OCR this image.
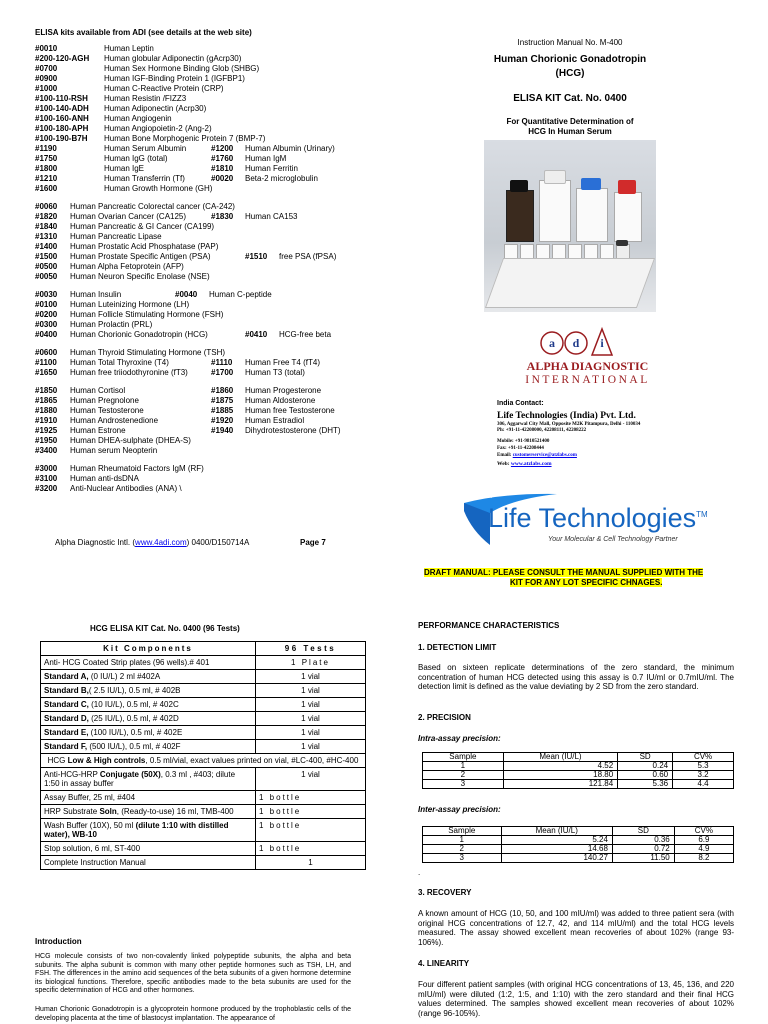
ELISA kits available from ADI (see details at the web site)
#0010	Human Leptin
#200-120-AGH Human globular Adiponectin (gAcrp30)
#0700	Human Sex Hormone Binding Glob (SHBG)
#0900	Human IGF-Binding Protein 1 (IGFBP1)
#1000	Human C-Reactive Protein (CRP)
#100-110-RSH Human Resistin /FIZZ3
#100-140-ADH Human Adiponectin (Acrp30)
#100-160-ANH Human Angiogenin
#100-180-APH Human Angiopoietin-2 (Ang-2)
#100-190-B7H Human Bone Morphogenic Protein 7 (BMP-7)
#1190	Human Serum Albumin	#1200 Human Albumin (Urinary)
#1750	Human IgG (total)	#1760 Human IgM
#1800	Human IgE	#1810 Human Ferritin
#1210	Human Transferrin (Tf)	#0020 Beta-2 microglobulin
#1600	Human Growth Hormone (GH)
#0060 Human Pancreatic Colorectal cancer (CA-242)
#1820 Human Ovarian Cancer (CA125)	#1830 Human CA153
#1840 Human Pancreatic & GI Cancer (CA199)
#1310 Human Pancreatic Lipase
#1400 Human Prostatic Acid Phosphatase (PAP)
#1500 Human Prostate Specific Antigen (PSA)	#1510 free PSA (fPSA)
#0500 Human Alpha Fetoprotein (AFP)
#0050 Human Neuron Specific Enolase (NSE)
#0030 Human Insulin	#0040 Human C-peptide
#0100 Human Luteinizing Hormone (LH)
#0200 Human Follicle Stimulating Hormone (FSH)
#0300 Human Prolactin (PRL)
#0400 Human Chorionic Gonadotropin (HCG)	#0410 HCG-free beta
#0600 Human Thyroid Stimulating Hormone (TSH)
#1100 Human Total Thyroxine (T4)	#1110 Human Free T4 (fT4)
#1650 Human free triiodothyronine (fT3)	#1700 Human T3 (total)
#1850 Human Cortisol	#1860 Human Progesterone
#1865 Human Pregnolone	#1875 Human Aldosterone
#1880 Human Testosterone	#1885 Human free Testosterone
#1910 Human Androstenedione	#1920 Human Estradiol
#1925 Human Estrone	#1940 Dihydrotestosterone (DHT)
#1950 Human DHEA-sulphate (DHEA-S)
#3400 Human serum Neopterin
#3000 Human Rheumatoid Factors IgM (RF)
#3100 Human anti-dsDNA
#3200 Anti-Nuclear Antibodies (ANA) \
Alpha Diagnostic Intl. (www.4adi.com) 0400/D150714A	Page 7
Instruction Manual No. M-400
Human Chorionic Gonadotropin
(HCG)
ELISA KIT Cat. No. 0400
For Quantitative Determination of
HCG In Human Serum
a d i
ALPHA DIAGNOSTIC
INTERNATIONAL
India Contact:
Life Technologies (India) Pvt. Ltd.
306, Aggarwal City Mall, Opposite M2K Pitampura, Delhi - 110034
Ph: +91-11-42208000, 42208111, 42208222
Mobile: +91-9810521400
Fax: +91-11-42208444
Email: customerservice@atzlabs.com
Web: www.atzlabs.com
LIFE TECH
Life Technologies™
Your Molecular & Cell Technology Partner
DRAFT MANUAL: PLEASE CONSULT THE MANUAL SUPPLIED WITH THE
KIT FOR ANY LOT SPECIFIC CHNAGES.
HCG ELISA KIT Cat. No. 0400 (96 Tests)
Kit Components	96 Tests
Anti- HCG Coated Strip plates (96 wells).# 401	1 Plate
Standard A, (0 IU/L) 2 ml #402A	1 vial
Standard B,( 2.5 IU/L), 0.5 ml, # 402B	1 vial
Standard C, (10 IU/L), 0.5 ml, # 402C	1 vial
Standard D, (25 IU/L), 0.5 ml, # 402D	1 vial
Standard E, (100 IU/L), 0.5 ml, # 402E	1 vial
Standard F, (500 IU/L), 0.5 ml, # 402F	1 vial
HCG Low & High controls, 0.5 ml/vial, exact values printed on vial, #LC-400, #HC-400	
Anti-HCG-HRP Conjugate (50X), 0.3 ml , #403; dilute 1:50 in assay buffer	1 vial
Assay Buffer, 25 ml, #404	1 bottle
HRP Substrate Soln, (Ready-to-use) 16 ml, TMB-400	1 bottle
Wash Buffer (10X), 50 ml (dilute 1:10 with distilled water), WB-10	1 bottle
Stop solution, 6 ml, ST-400	1 bottle
Complete Instruction Manual	1
Introduction
HCG molecule consists of two non-covalently linked polypeptide subunits, the alpha and beta subunits. The alpha subunit is common with many other peptide hormones such as TSH, LH, and FSH. The differences in the amino acid sequences of the beta subunits of a given hormone determine its biological functions. Therefore, specific antibodies made to the beta subunits are used for the specific determination of HCG and other hormones.
Human Chorionic Gonadotropin is a glycoprotein hormone produced by the trophoblastic cells of the developing placenta at the time of blastocyst implantation. The appearance of
PERFORMANCE CHARACTERISTICS
1. DETECTION LIMIT
Based on sixteen replicate determinations of the zero standard, the minimum concentration of human HCG detected using this assay is 0.7 IU/ml or 0.7mIU/ml. The detection limit is defined as the value deviating by 2 SD from the zero standard.
2. PRECISION
Intra-assay precision:
Sample	Mean (IU/L)	SD	CV%
1	4.52	0.24	5.3
2	18.80	0.60	3.2
3	121.84	5.36	4.4
Inter-assay precision:
Sample	Mean (IU/L)	SD	CV%
1	5.24	0.36	6.9
2	14.68	0.72	4.9
3	140.27	11.50	8.2
.
3. RECOVERY
A known amount of HCG (10, 50, and 100 mIU/ml) was added to three patient sera (with original HCG concentrations of 12.7, 42, and 114 mIU/ml) and the total HCG levels measured. The assay showed excellent mean recoveries of about 102% (range 93-106%).
4. LINEARITY
Four different patient samples (with original HCG concentrations of 13, 45, 136, and 220 mIU/ml) were diluted (1:2, 1:5, and 1:10) with the zero standard and their final HCG values determined. The samples showed excellent mean recoveries of about 102% (range 96-105%).
